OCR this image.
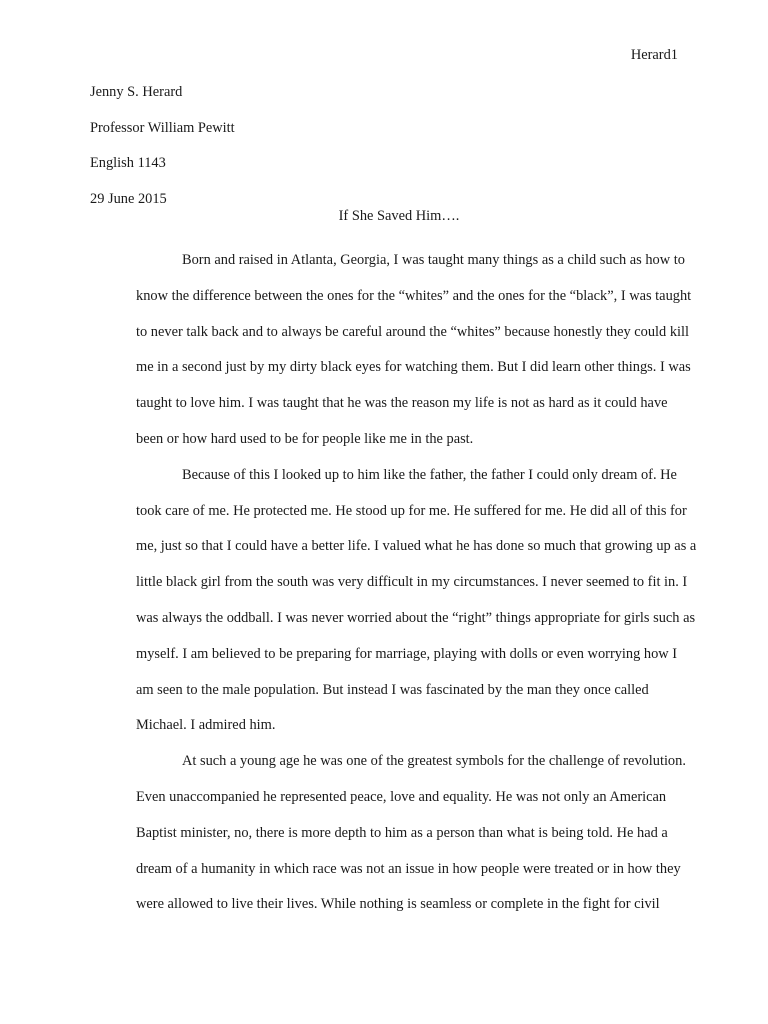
Herard1
Jenny S. Herard
Professor William Pewitt
English 1143
29 June 2015
If She Saved Him….
Born and raised in Atlanta, Georgia, I was taught many things as a child such as how to
know the difference between the ones for the “whites” and the ones for the “black”, I was taught
to never talk back and to always be careful around the “whites” because honestly they could kill
me in a second just by my dirty black eyes for watching them. But I did learn other things. I was
taught to love him. I was taught that he was the reason my life is not as hard as it could have
been or how hard used to be for people like me in the past.
Because of this I looked up to him like the father, the father I could only dream of. He
took care of me. He protected me. He stood up for me. He suffered for me. He did all of this for
me, just so that I could have a better life. I valued what he has done so much that growing up as a
little black girl from the south was very difficult in my circumstances. I never seemed to fit in. I
was always the oddball. I was never worried about the “right” things appropriate for girls such as
myself. I am believed to be preparing for marriage, playing with dolls or even worrying how I
am seen to the male population. But instead I was fascinated by the man they once called
Michael. I admired him.
At such a young age he was one of the greatest symbols for the challenge of revolution.
Even unaccompanied he represented peace, love and equality. He was not only an American
Baptist minister, no, there is more depth to him as a person than what is being told. He had a
dream of a humanity in which race was not an issue in how people were treated or in how they
were allowed to live their lives. While nothing is seamless or complete in the fight for civil
